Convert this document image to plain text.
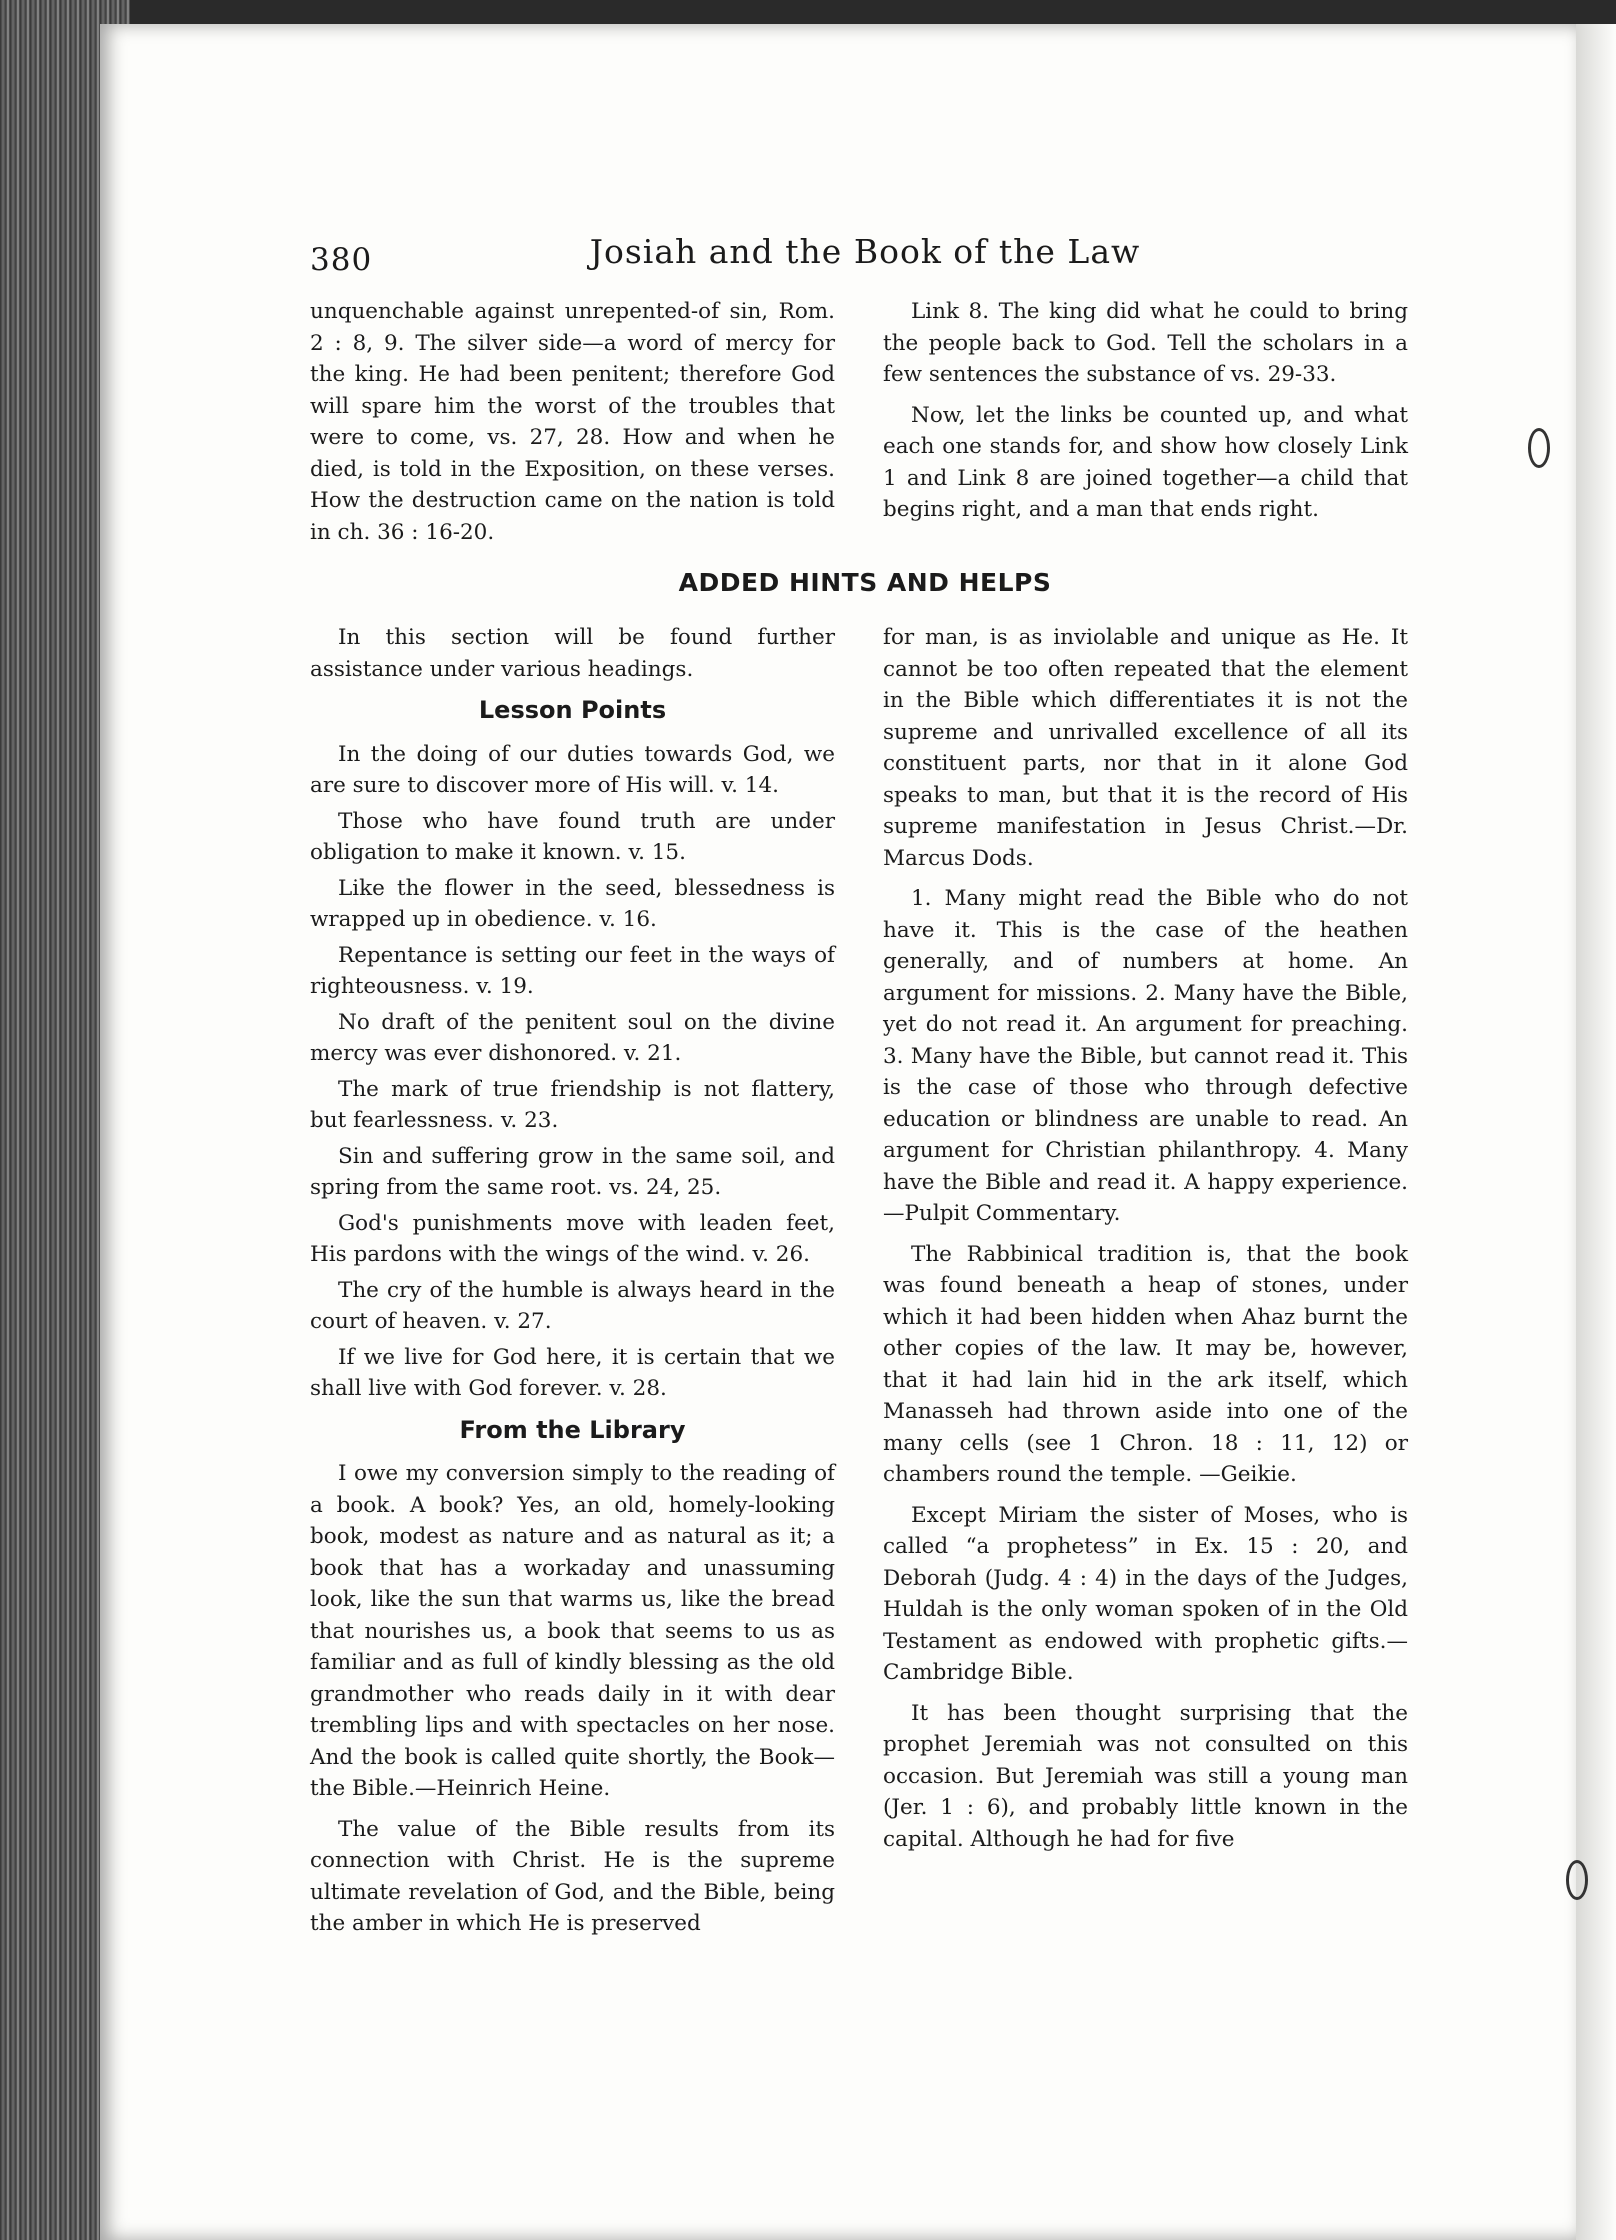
380	Josiah and the Book of the Law

unquenchable against unrepented-of sin, Rom. 2 : 8, 9. The silver side—a word of mercy for the king. He had been penitent; therefore God will spare him the worst of the troubles that were to come, vs. 27, 28. How and when he died, is told in the Exposition, on these verses. How the destruction came on the nation is told in ch. 36 : 16-20.

Link 8. The king did what he could to bring the people back to God. Tell the scholars in a few sentences the substance of vs. 29-33.

Now, let the links be counted up, and what each one stands for, and show how closely Link 1 and Link 8 are joined together—a child that begins right, and a man that ends right.

ADDED HINTS AND HELPS

In this section will be found further assistance under various headings.

Lesson Points

In the doing of our duties towards God, we are sure to discover more of His will. v. 14.

Those who have found truth are under obligation to make it known. v. 15.

Like the flower in the seed, blessedness is wrapped up in obedience. v. 16.

Repentance is setting our feet in the ways of righteousness. v. 19.

No draft of the penitent soul on the divine mercy was ever dishonored. v. 21.

The mark of true friendship is not flattery, but fearlessness. v. 23.

Sin and suffering grow in the same soil, and spring from the same root. vs. 24, 25.

God's punishments move with leaden feet, His pardons with the wings of the wind. v. 26.

The cry of the humble is always heard in the court of heaven. v. 27.

If we live for God here, it is certain that we shall live with God forever. v. 28.

From the Library

I owe my conversion simply to the reading of a book. A book? Yes, an old, homely-looking book, modest as nature and as natural as it; a book that has a workaday and unassuming look, like the sun that warms us, like the bread that nourishes us, a book that seems to us as familiar and as full of kindly blessing as the old grandmother who reads daily in it with dear trembling lips and with spectacles on her nose. And the book is called quite shortly, the Book—the Bible.—Heinrich Heine.

The value of the Bible results from its connection with Christ. He is the supreme ultimate revelation of God, and the Bible, being the amber in which He is preserved

for man, is as inviolable and unique as He. It cannot be too often repeated that the element in the Bible which differentiates it is not the supreme and unrivalled excellence of all its constituent parts, nor that in it alone God speaks to man, but that it is the record of His supreme manifestation in Jesus Christ.—Dr. Marcus Dods.

1. Many might read the Bible who do not have it. This is the case of the heathen generally, and of numbers at home. An argument for missions. 2. Many have the Bible, yet do not read it. An argument for preaching. 3. Many have the Bible, but cannot read it. This is the case of those who through defective education or blindness are unable to read. An argument for Christian philanthropy. 4. Many have the Bible and read it. A happy experience.—Pulpit Commentary.

The Rabbinical tradition is, that the book was found beneath a heap of stones, under which it had been hidden when Ahaz burnt the other copies of the law. It may be, however, that it had lain hid in the ark itself, which Manasseh had thrown aside into one of the many cells (see 1 Chron. 18 : 11, 12) or chambers round the temple. —Geikie.

Except Miriam the sister of Moses, who is called “a prophetess” in Ex. 15 : 20, and Deborah (Judg. 4 : 4) in the days of the Judges, Huldah is the only woman spoken of in the Old Testament as endowed with prophetic gifts.—Cambridge Bible.

It has been thought surprising that the prophet Jeremiah was not consulted on this occasion. But Jeremiah was still a young man (Jer. 1 : 6), and probably little known in the capital. Although he had for five
